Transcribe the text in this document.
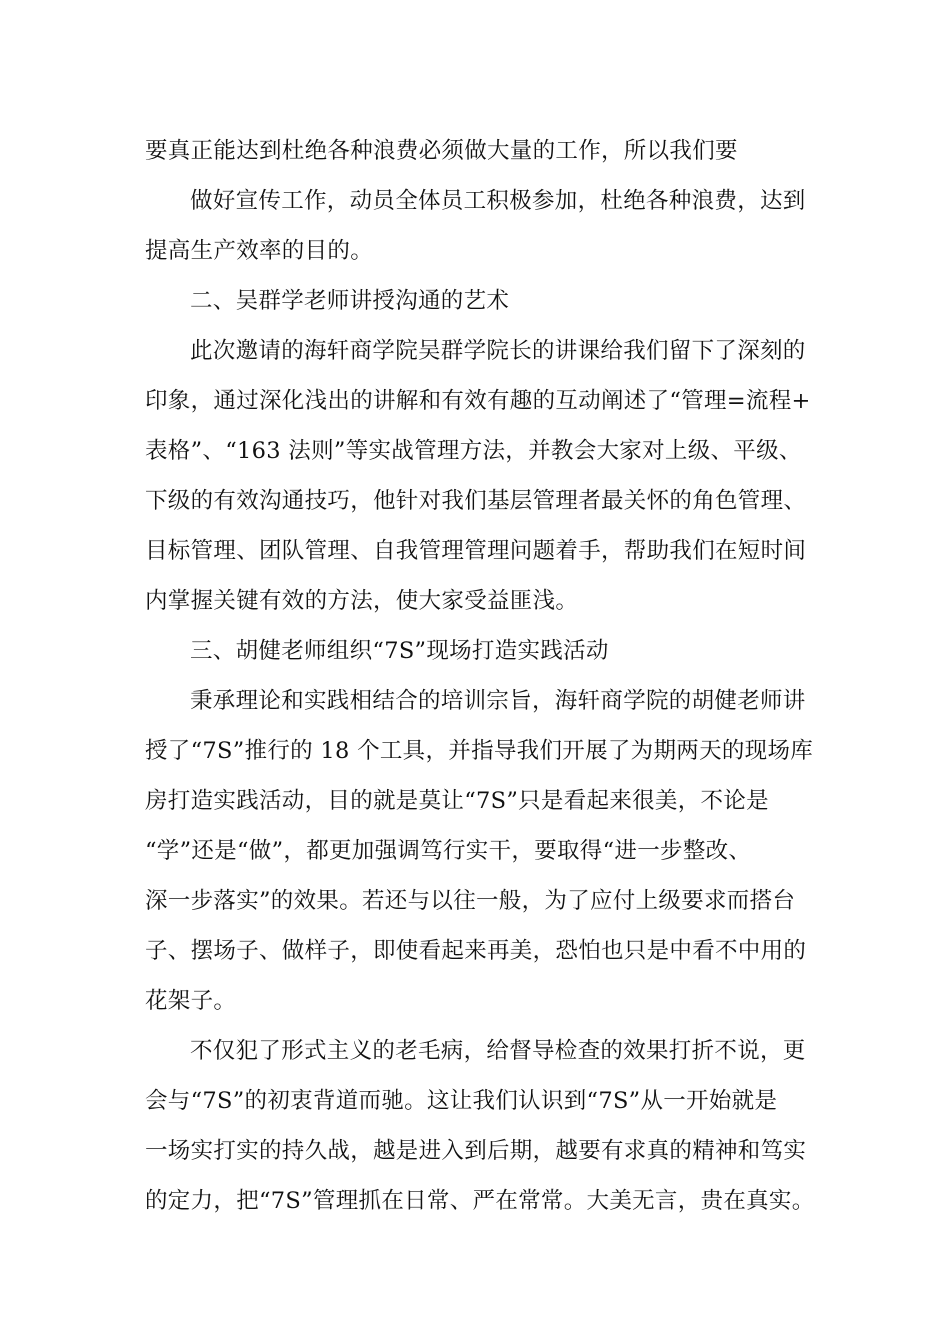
要真正能达到杜绝各种浪费必须做大量的工作，所以我们要
做好宣传工作，动员全体员工积极参加，杜绝各种浪费，达到
提高生产效率的目的。
二、吴群学老师讲授沟通的艺术
此次邀请的海轩商学院吴群学院长的讲课给我们留下了深刻的
印象，通过深化浅出的讲解和有效有趣的互动阐述了“管理=流程+
表格”、“163 法则”等实战管理方法，并教会大家对上级、平级、
下级的有效沟通技巧，他针对我们基层管理者最关怀的角色管理、
目标管理、团队管理、自我管理管理问题着手，帮助我们在短时间
内掌握关键有效的方法，使大家受益匪浅。
三、胡健老师组织“7S”现场打造实践活动
秉承理论和实践相结合的培训宗旨，海轩商学院的胡健老师讲
授了“7S”推行的 18 个工具，并指导我们开展了为期两天的现场库
房打造实践活动，目的就是莫让“7S”只是看起来很美，不论是
“学”还是“做”，都更加强调笃行实干，要取得“进一步整改、
深一步落实”的效果。若还与以往一般，为了应付上级要求而搭台
子、摆场子、做样子，即使看起来再美，恐怕也只是中看不中用的
花架子。
不仅犯了形式主义的老毛病，给督导检查的效果打折不说，更
会与“7S”的初衷背道而驰。这让我们认识到“7S”从一开始就是
一场实打实的持久战，越是进入到后期，越要有求真的精神和笃实
的定力，把“7S”管理抓在日常、严在常常。大美无言，贵在真实。
